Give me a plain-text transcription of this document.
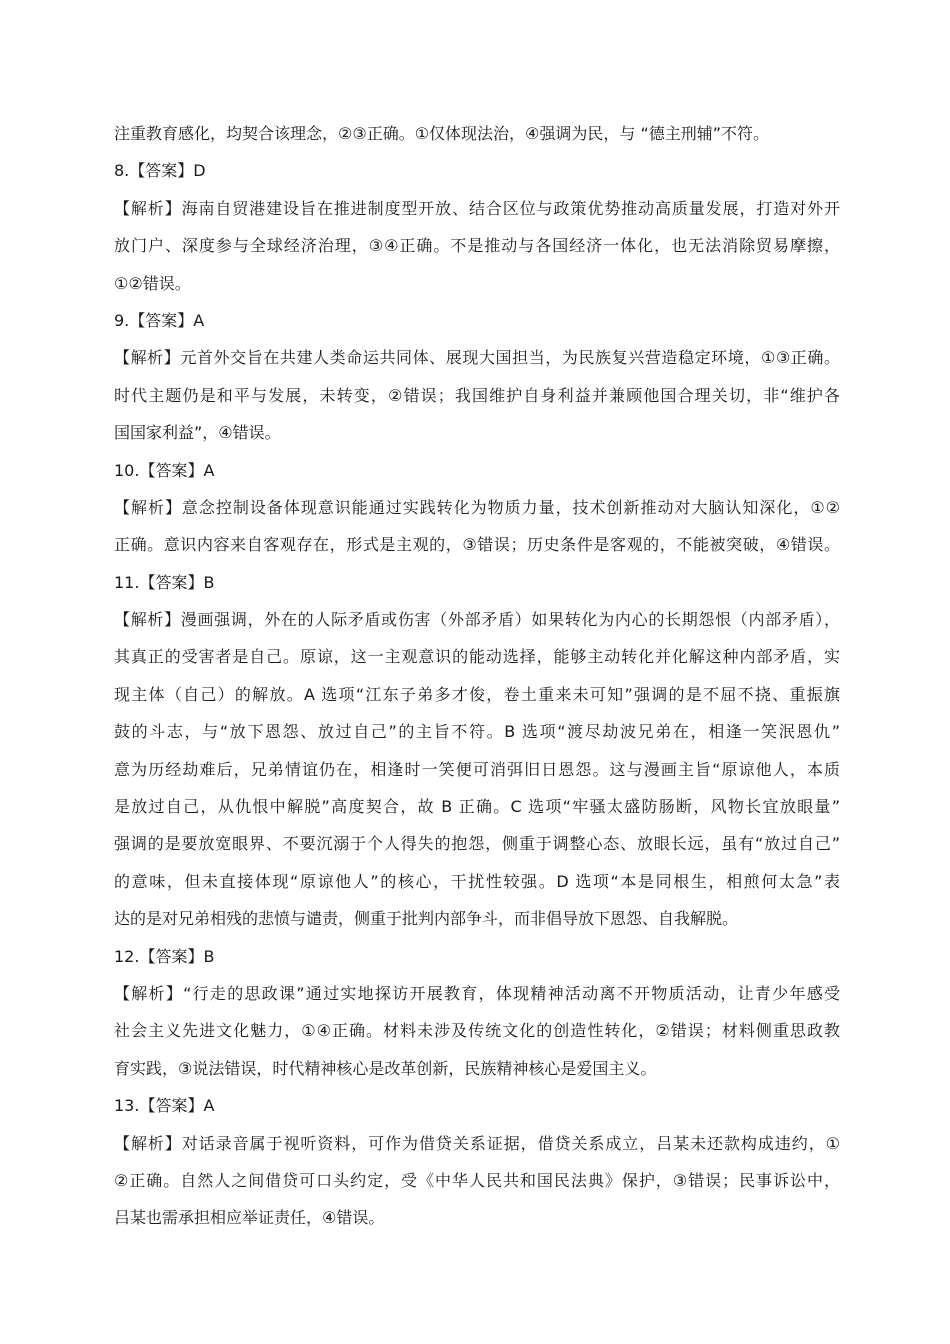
注重教育感化，均契合该理念，②③正确。①仅体现法治，④强调为民，与 “德主刑辅”不符。
8.【答案】D
【解析】海南自贸港建设旨在推进制度型开放、结合区位与政策优势推动高质量发展，打造对外开
放门户、深度参与全球经济治理，③④正确。不是推动与各国经济一体化，也无法消除贸易摩擦，
①②错误。
9.【答案】A
【解析】元首外交旨在共建人类命运共同体、展现大国担当，为民族复兴营造稳定环境，①③正确。
时代主题仍是和平与发展，未转变，②错误；我国维护自身利益并兼顾他国合理关切，非“维护各
国国家利益”，④错误。
10.【答案】A
【解析】意念控制设备体现意识能通过实践转化为物质力量，技术创新推动对大脑认知深化，①②
正确。意识内容来自客观存在，形式是主观的，③错误；历史条件是客观的，不能被突破，④错误。
11.【答案】B
【解析】漫画强调，外在的人际矛盾或伤害（外部矛盾）如果转化为内心的长期怨恨（内部矛盾），
其真正的受害者是自己。原谅，这一主观意识的能动选择，能够主动转化并化解这种内部矛盾，实
现主体（自己）的解放。A 选项“江东子弟多才俊，卷土重来未可知”强调的是不屈不挠、重振旗
鼓的斗志，与“放下恩怨、放过自己”的主旨不符。B 选项“渡尽劫波兄弟在，相逢一笑泯恩仇”
意为历经劫难后，兄弟情谊仍在，相逢时一笑便可消弭旧日恩怨。这与漫画主旨“原谅他人，本质
是放过自己，从仇恨中解脱”高度契合，故 B 正确。C 选项“牢骚太盛防肠断，风物长宜放眼量”
强调的是要放宽眼界、不要沉溺于个人得失的抱怨，侧重于调整心态、放眼长远，虽有“放过自己”
的意味，但未直接体现“原谅他人”的核心，干扰性较强。D 选项“本是同根生，相煎何太急”表
达的是对兄弟相残的悲愤与谴责，侧重于批判内部争斗，而非倡导放下恩怨、自我解脱。
12.【答案】B
【解析】“行走的思政课”通过实地探访开展教育，体现精神活动离不开物质活动，让青少年感受
社会主义先进文化魅力，①④正确。材料未涉及传统文化的创造性转化，②错误；材料侧重思政教
育实践，③说法错误，时代精神核心是改革创新，民族精神核心是爱国主义。
13.【答案】A
【解析】对话录音属于视听资料，可作为借贷关系证据，借贷关系成立，吕某未还款构成违约，①
②正确。自然人之间借贷可口头约定，受《中华人民共和国民法典》保护，③错误；民事诉讼中，
吕某也需承担相应举证责任，④错误。
